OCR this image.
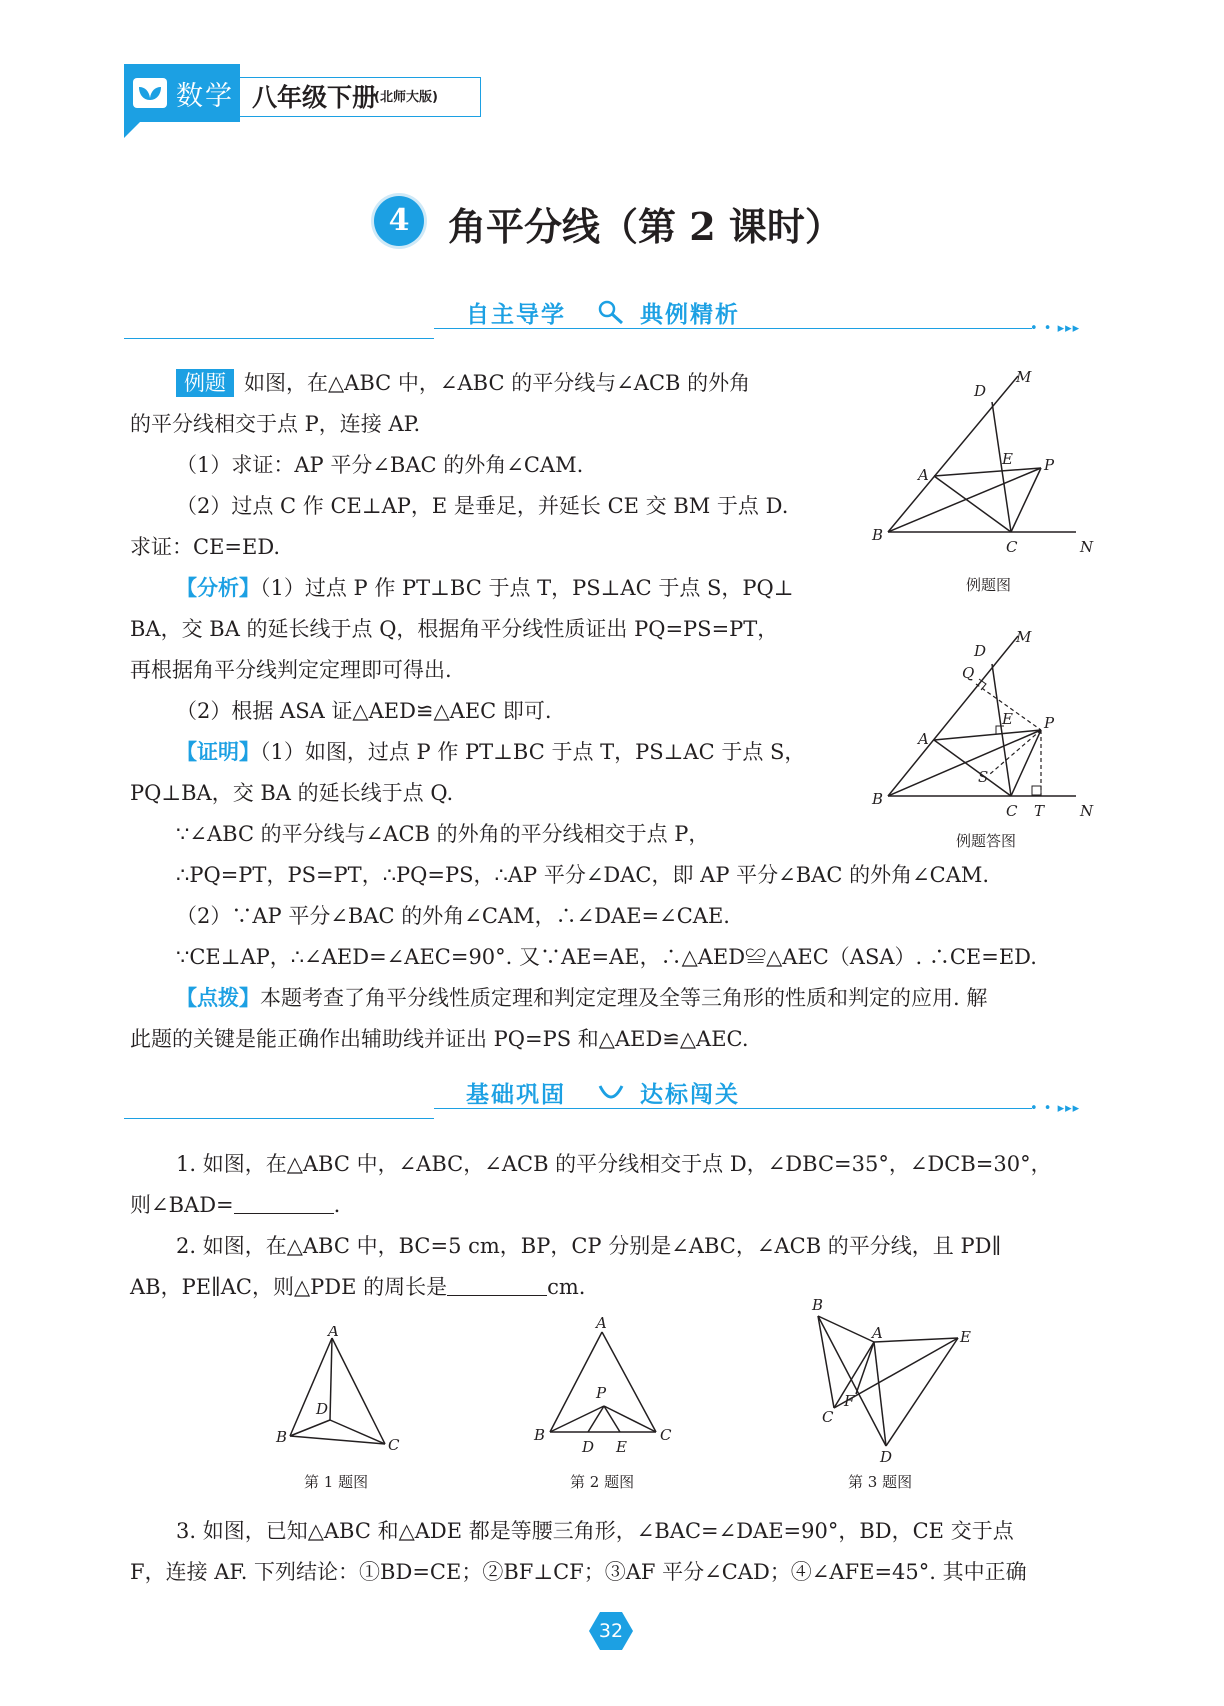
数学 八年级下册
(北师大版)
4	角平分线（第 2 课时）
自主导学	典例精析
• • ▸▸▸
例题 如图，在△ABC 中，∠ABC 的平分线与∠ACB 的外角
的平分线相交于点 P，连接 AP.
（1）求证：AP 平分∠BAC 的外角∠CAM.
（2）过点 C 作 CE⊥AP，E 是垂足，并延长 CE 交 BM 于点 D.
求证：CE=ED.
【分析】（1）过点 P 作 PT⊥BC 于点 T，PS⊥AC 于点 S，PQ⊥
BA，交 BA 的延长线于点 Q，根据角平分线性质证出 PQ=PS=PT，
再根据角平分线判定定理即可得出.
（2）根据 ASA 证△AED≌△AEC 即可.
【证明】（1）如图，过点 P 作 PT⊥BC 于点 T，PS⊥AC 于点 S，
PQ⊥BA，交 BA 的延长线于点 Q.
∵∠ABC 的平分线与∠ACB 的外角的平分线相交于点 P，
∴PQ=PT，PS=PT，∴PQ=PS，∴AP 平分∠DAC，即 AP 平分∠BAC 的外角∠CAM.
（2）∵AP 平分∠BAC 的外角∠CAM，∴∠DAE=∠CAE.
∵CE⊥AP，∴∠AED=∠AEC=90°. 又∵AE=AE，∴△AED≌△AEC（ASA）. ∴CE=ED.
【点拨】本题考查了角平分线性质定理和判定定理及全等三角形的性质和判定的应用. 解
此题的关键是能正确作出辅助线并证出 PQ=PS 和△AED≌△AEC.
D
M
A
E P
B
C	N
例题图
D
M
Q
A
E P
S
B
C T N
例题答图
基础巩固	达标闯关
• • ▸▸▸
1. 如图，在△ABC 中，∠ABC，∠ACB 的平分线相交于点 D，∠DBC=35°，∠DCB=30°，
则∠BAD=	.
2. 如图，在△ABC 中，BC=5 cm，BP，CP 分别是∠ABC，∠ACB 的平分线，且 PD∥
AB，PE∥AC，则△PDE 的周长是	cm.
A
D
B	C
第 1 题图
A
P
B
D E
C
第 2 题图
B
A	E
F
C
D
第 3 题图
3. 如图，已知△ABC 和△ADE 都是等腰三角形，∠BAC=∠DAE=90°，BD，CE 交于点
F，连接 AF. 下列结论：①BD=CE；②BF⊥CF；③AF 平分∠CAD；④∠AFE=45°. 其中正确
32
